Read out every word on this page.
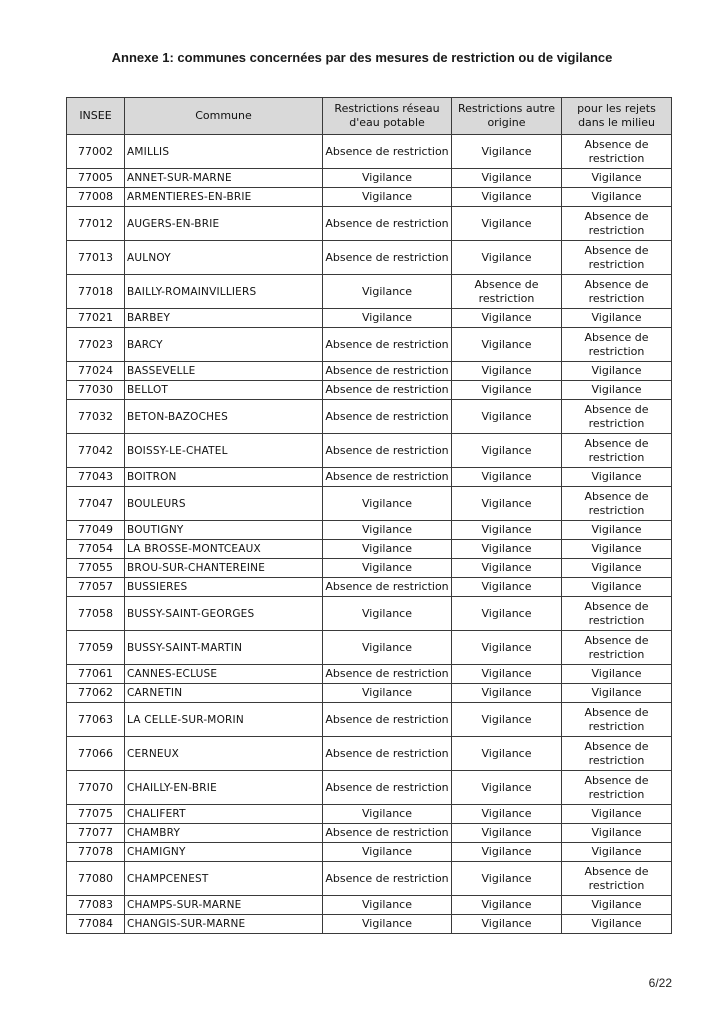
Annexe 1: communes concernées par des mesures de restriction ou de vigilance
INSEE	Commune	Restrictions réseau d'eau potable	Restrictions autre origine	pour les rejets dans le milieu
77002	AMILLIS	Absence de restriction	Vigilance	Absence de restriction
77005	ANNET-SUR-MARNE	Vigilance	Vigilance	Vigilance
77008	ARMENTIERES-EN-BRIE	Vigilance	Vigilance	Vigilance
77012	AUGERS-EN-BRIE	Absence de restriction	Vigilance	Absence de restriction
77013	AULNOY	Absence de restriction	Vigilance	Absence de restriction
77018	BAILLY-ROMAINVILLIERS	Vigilance	Absence de restriction	Absence de restriction
77021	BARBEY	Vigilance	Vigilance	Vigilance
77023	BARCY	Absence de restriction	Vigilance	Absence de restriction
77024	BASSEVELLE	Absence de restriction	Vigilance	Vigilance
77030	BELLOT	Absence de restriction	Vigilance	Vigilance
77032	BETON-BAZOCHES	Absence de restriction	Vigilance	Absence de restriction
77042	BOISSY-LE-CHATEL	Absence de restriction	Vigilance	Absence de restriction
77043	BOITRON	Absence de restriction	Vigilance	Vigilance
77047	BOULEURS	Vigilance	Vigilance	Absence de restriction
77049	BOUTIGNY	Vigilance	Vigilance	Vigilance
77054	LA BROSSE-MONTCEAUX	Vigilance	Vigilance	Vigilance
77055	BROU-SUR-CHANTEREINE	Vigilance	Vigilance	Vigilance
77057	BUSSIERES	Absence de restriction	Vigilance	Vigilance
77058	BUSSY-SAINT-GEORGES	Vigilance	Vigilance	Absence de restriction
77059	BUSSY-SAINT-MARTIN	Vigilance	Vigilance	Absence de restriction
77061	CANNES-ECLUSE	Absence de restriction	Vigilance	Vigilance
77062	CARNETIN	Vigilance	Vigilance	Vigilance
77063	LA CELLE-SUR-MORIN	Absence de restriction	Vigilance	Absence de restriction
77066	CERNEUX	Absence de restriction	Vigilance	Absence de restriction
77070	CHAILLY-EN-BRIE	Absence de restriction	Vigilance	Absence de restriction
77075	CHALIFERT	Vigilance	Vigilance	Vigilance
77077	CHAMBRY	Absence de restriction	Vigilance	Vigilance
77078	CHAMIGNY	Vigilance	Vigilance	Vigilance
77080	CHAMPCENEST	Absence de restriction	Vigilance	Absence de restriction
77083	CHAMPS-SUR-MARNE	Vigilance	Vigilance	Vigilance
77084	CHANGIS-SUR-MARNE	Vigilance	Vigilance	Vigilance
6/22
